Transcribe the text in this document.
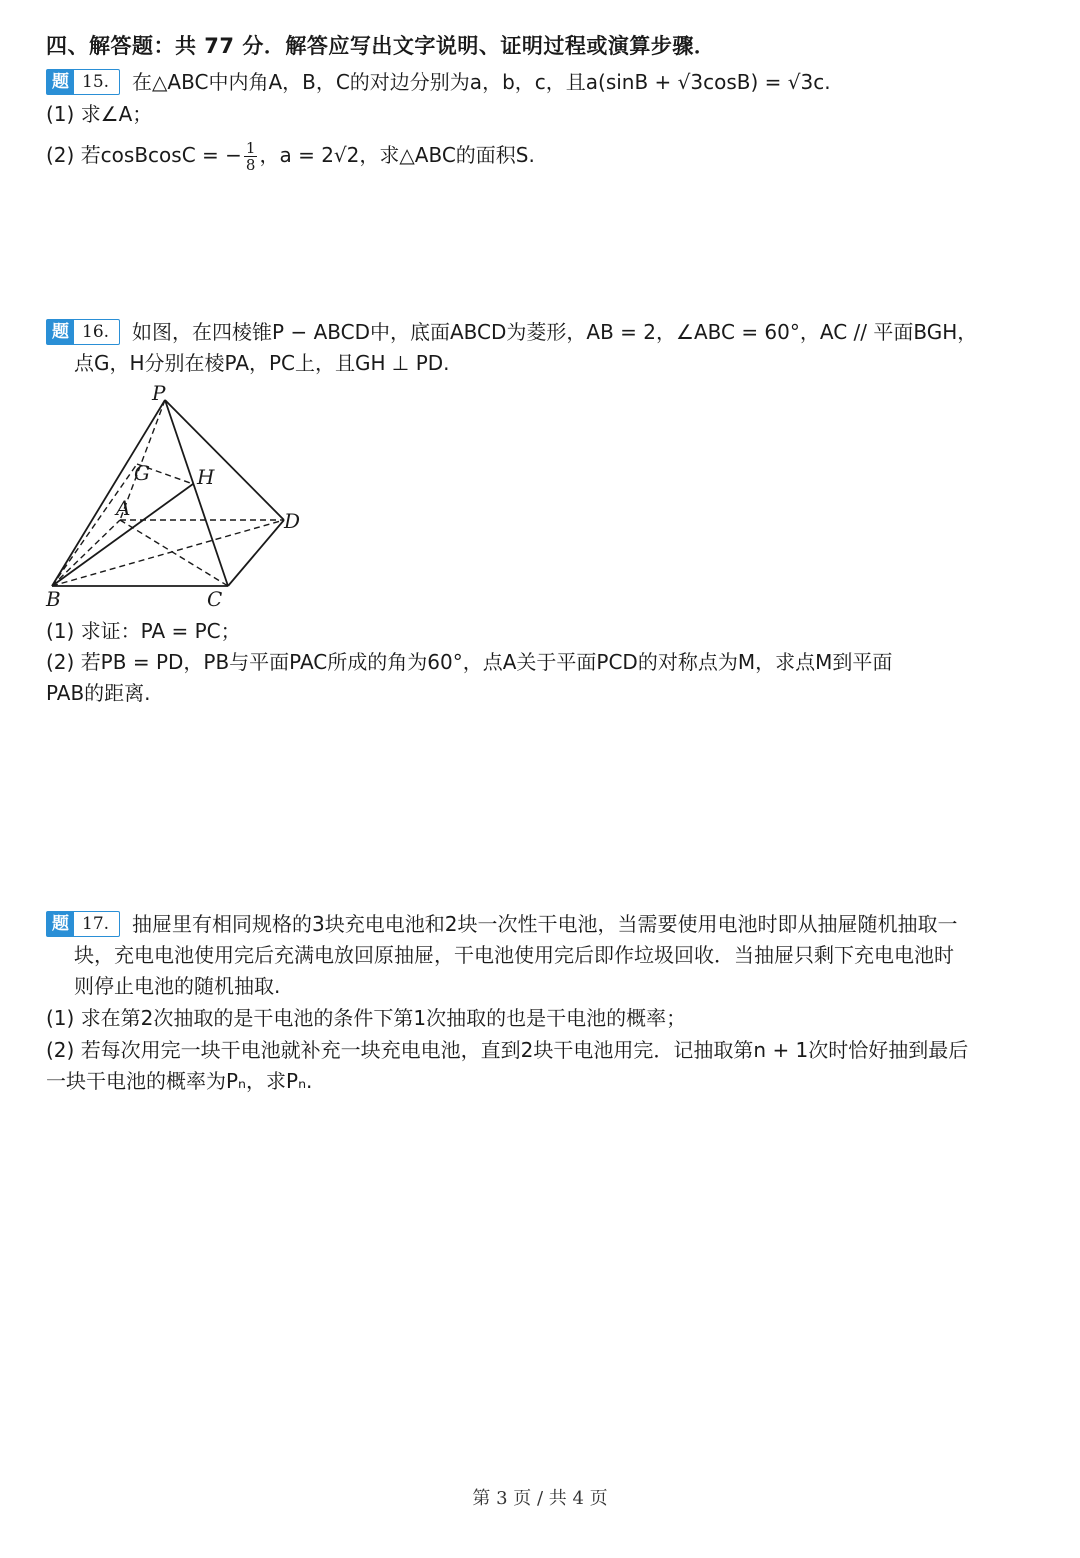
四、解答题：共 77 分．解答应写出文字说明、证明过程或演算步骤．
题 15.	在△ABC中内角A，B，C的对边分别为a，b，c，且a(sinB + √3cosB) = √3c.
(1) 求∠A；
(2) 若cosBcosC = − $\frac{1}{8}$ ，a = 2√2，求△ABC的面积S.
题 16.	如图，在四棱锥P − ABCD中，底面ABCD为菱形，AB = 2，∠ABC = 60°，AC // 平面BGH，
点G，H分别在棱PA，PC上，且GH ⊥ PD.
P
G H
A
D
B	C
(1) 求证：PA = PC；
(2) 若PB = PD，PB与平面PAC所成的角为60°，点A关于平面PCD的对称点为M，求点M到平面
PAB的距离.
题 17.	抽屉里有相同规格的3块充电电池和2块一次性干电池，当需要使用电池时即从抽屉随机抽取一
块，充电电池使用完后充满电放回原抽屉，干电池使用完后即作垃圾回收．当抽屉只剩下充电电池时
则停止电池的随机抽取.
(1) 求在第2次抽取的是干电池的条件下第1次抽取的也是干电池的概率；
(2) 若每次用完一块干电池就补充一块充电电池，直到2块干电池用完．记抽取第n + 1次时恰好抽到最后
一块干电池的概率为Pₙ，求Pₙ.
第 3 页 / 共 4 页
